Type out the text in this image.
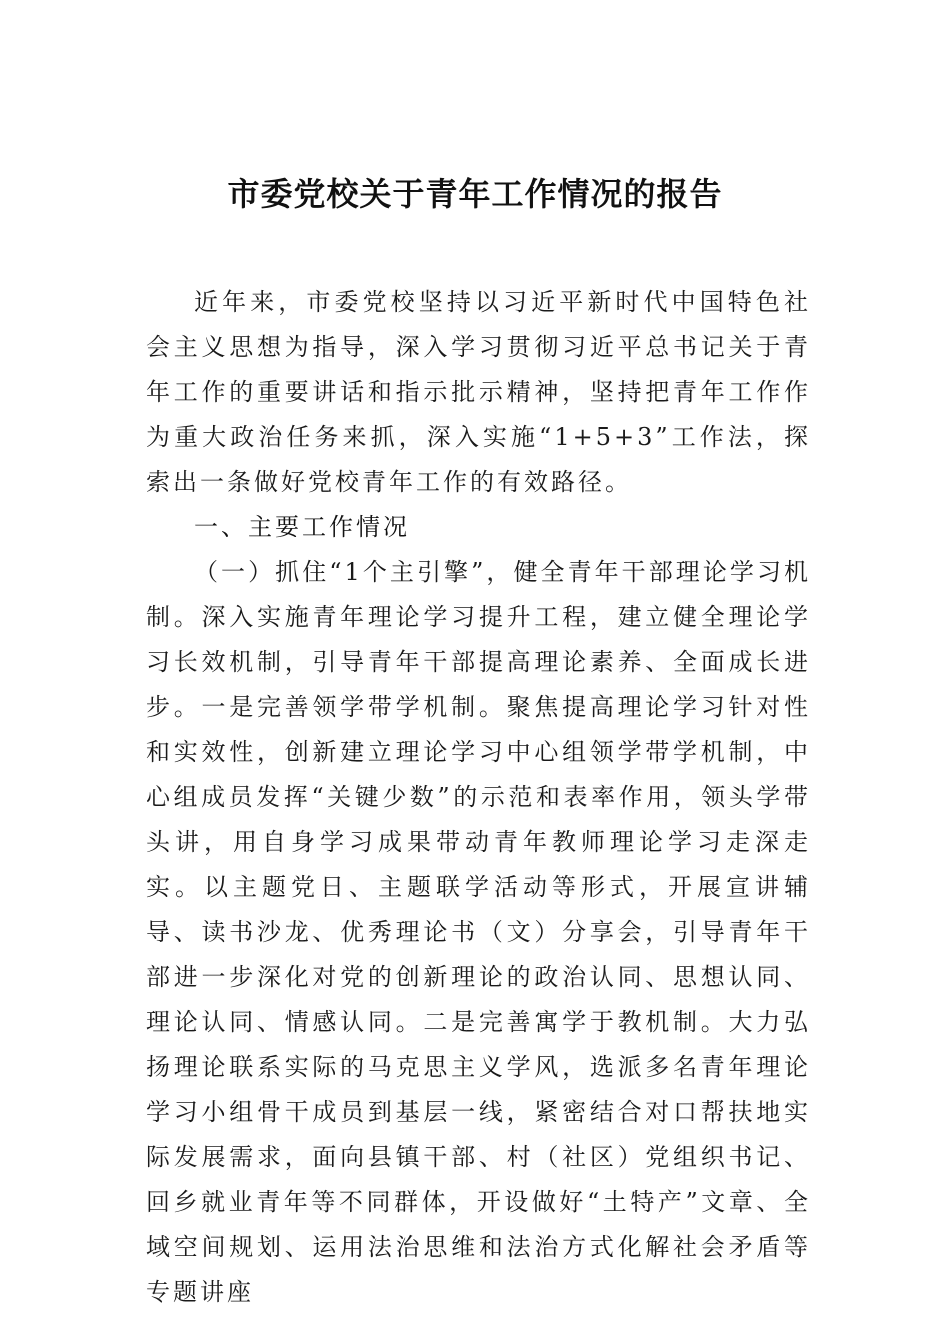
市委党校关于青年工作情况的报告

近年来，市委党校坚持以习近平新时代中国特色社会主义思想为指导，深入学习贯彻习近平总书记关于青年工作的重要讲话和指示批示精神，坚持把青年工作作为重大政治任务来抓，深入实施“1+5+3”工作法，探索出一条做好党校青年工作的有效路径。

一、主要工作情况

（一）抓住“1个主引擎”，健全青年干部理论学习机制。深入实施青年理论学习提升工程，建立健全理论学习长效机制，引导青年干部提高理论素养、全面成长进步。一是完善领学带学机制。聚焦提高理论学习针对性和实效性，创新建立理论学习中心组领学带学机制，中心组成员发挥“关键少数”的示范和表率作用，领头学带头讲，用自身学习成果带动青年教师理论学习走深走实。以主题党日、主题联学活动等形式，开展宣讲辅导、读书沙龙、优秀理论书（文）分享会，引导青年干部进一步深化对党的创新理论的政治认同、思想认同、理论认同、情感认同。二是完善寓学于教机制。大力弘扬理论联系实际的马克思主义学风，选派多名青年理论学习小组骨干成员到基层一线，紧密结合对口帮扶地实际发展需求，面向县镇干部、村（社区）党组织书记、回乡就业青年等不同群体，开设做好“土特产”文章、全域空间规划、运用法治思维和法治方式化解社会矛盾等专题讲座
